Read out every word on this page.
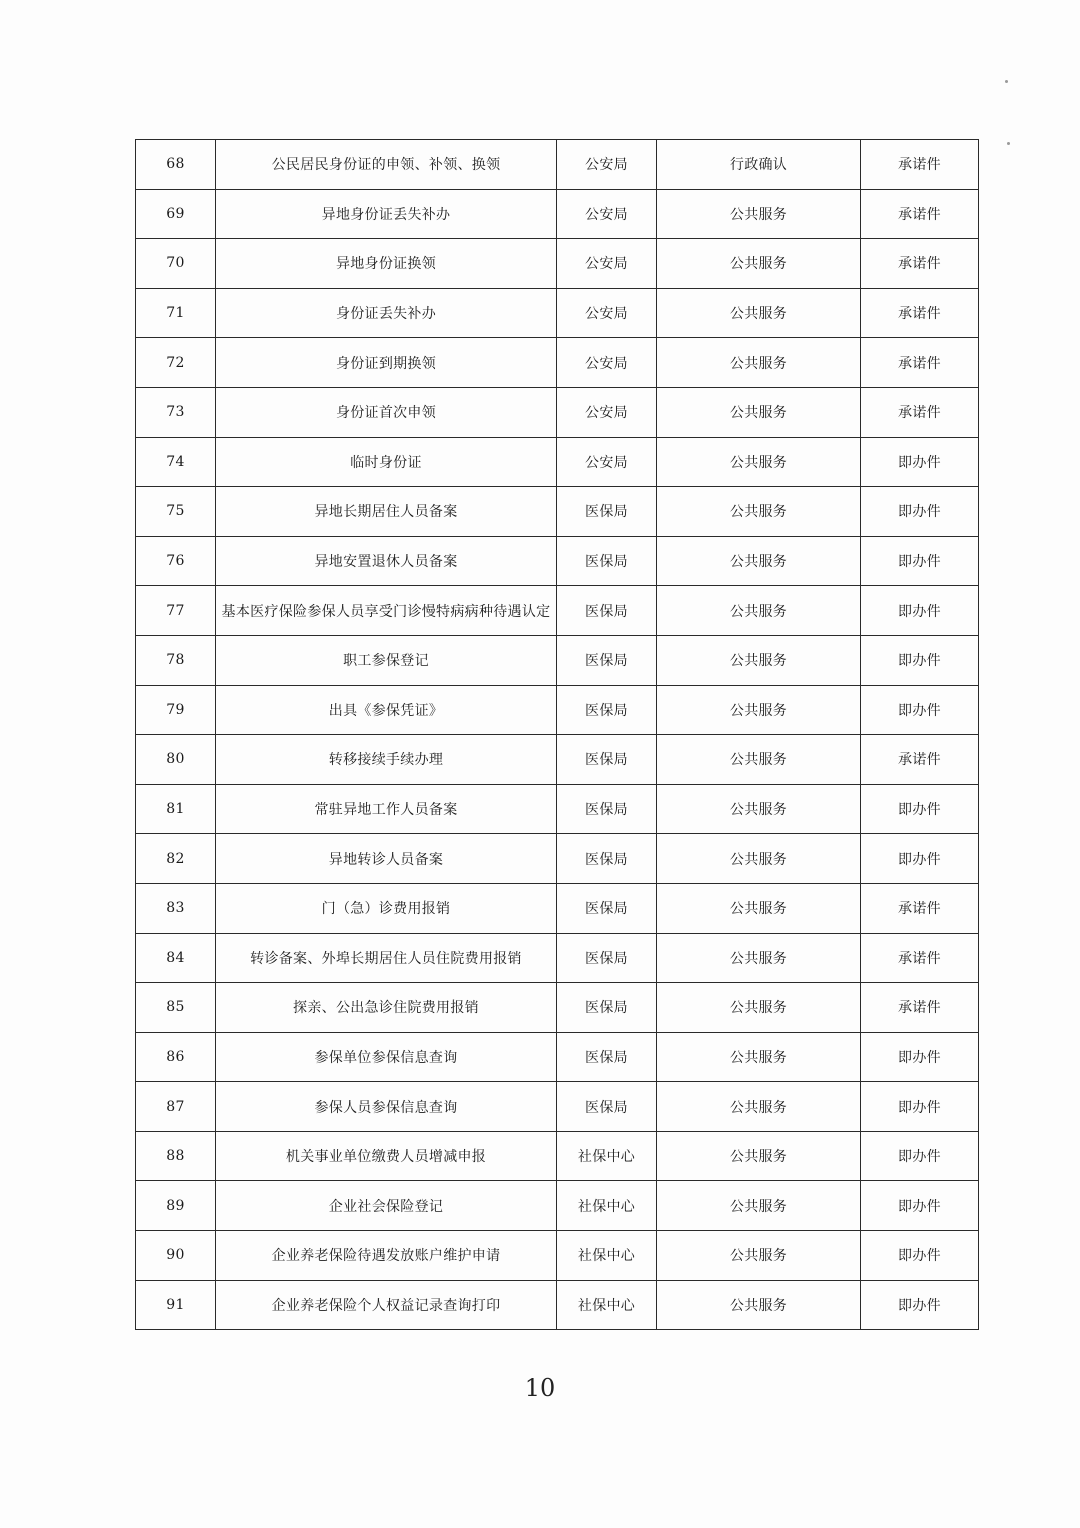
68	公民居民身份证的申领、补领、换领	公安局	行政确认	承诺件
69	异地身份证丢失补办	公安局	公共服务	承诺件
70	异地身份证换领	公安局	公共服务	承诺件
71	身份证丢失补办	公安局	公共服务	承诺件
72	身份证到期换领	公安局	公共服务	承诺件
73	身份证首次申领	公安局	公共服务	承诺件
74	临时身份证	公安局	公共服务	即办件
75	异地长期居住人员备案	医保局	公共服务	即办件
76	异地安置退休人员备案	医保局	公共服务	即办件
77	基本医疗保险参保人员享受门诊慢特病病种待遇认定	医保局	公共服务	即办件
78	职工参保登记	医保局	公共服务	即办件
79	出具《参保凭证》	医保局	公共服务	即办件
80	转移接续手续办理	医保局	公共服务	承诺件
81	常驻异地工作人员备案	医保局	公共服务	即办件
82	异地转诊人员备案	医保局	公共服务	即办件
83	门（急）诊费用报销	医保局	公共服务	承诺件
84	转诊备案、外埠长期居住人员住院费用报销	医保局	公共服务	承诺件
85	探亲、公出急诊住院费用报销	医保局	公共服务	承诺件
86	参保单位参保信息查询	医保局	公共服务	即办件
87	参保人员参保信息查询	医保局	公共服务	即办件
88	机关事业单位缴费人员增减申报	社保中心	公共服务	即办件
89	企业社会保险登记	社保中心	公共服务	即办件
90	企业养老保险待遇发放账户维护申请	社保中心	公共服务	即办件
91	企业养老保险个人权益记录查询打印	社保中心	公共服务	即办件
10
